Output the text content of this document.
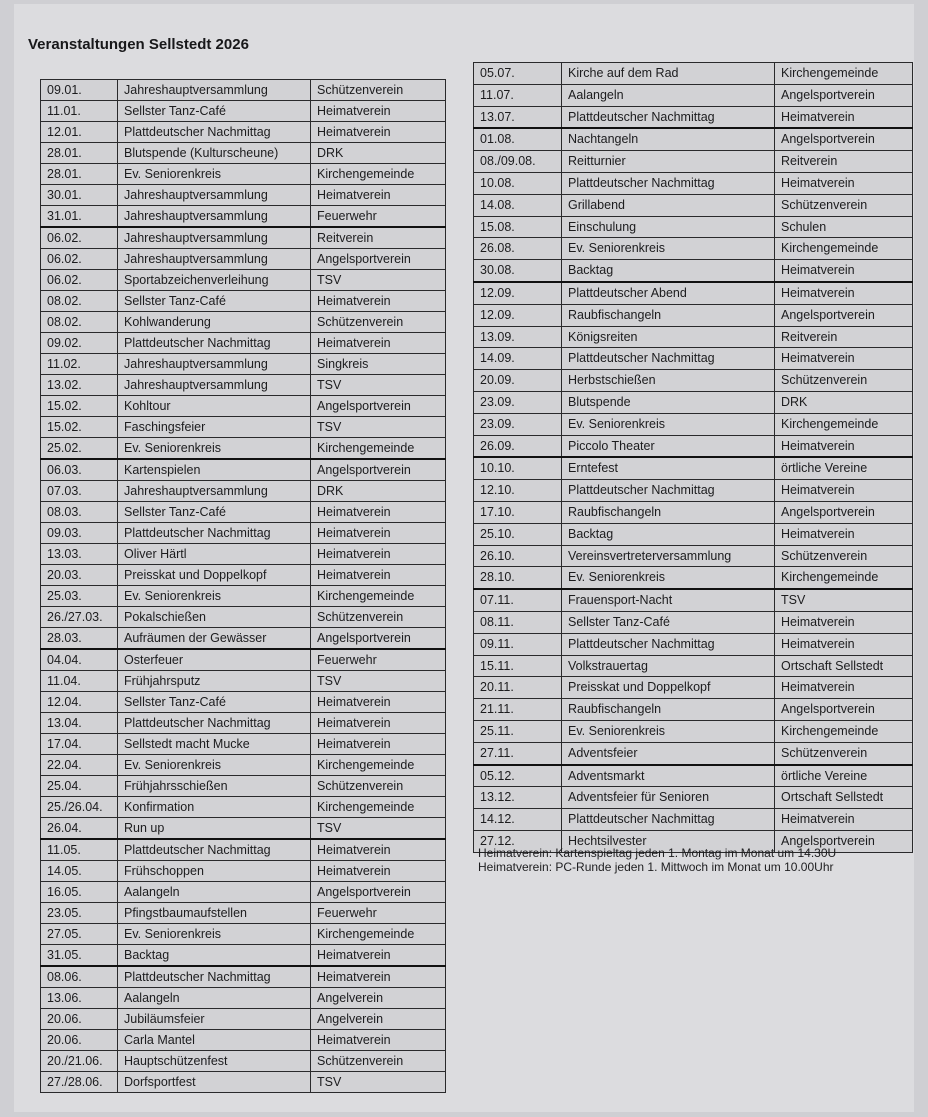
Veranstaltungen Sellstedt 2026
09.01.	Jahreshauptversammlung	Schützenverein
11.01.	Sellster Tanz-Café	Heimatverein
12.01.	Plattdeutscher Nachmittag	Heimatverein
28.01.	Blutspende (Kulturscheune)	DRK
28.01.	Ev. Seniorenkreis	Kirchengemeinde
30.01.	Jahreshauptversammlung	Heimatverein
31.01.	Jahreshauptversammlung	Feuerwehr
06.02.	Jahreshauptversammlung	Reitverein
06.02.	Jahreshauptversammlung	Angelsportverein
06.02.	Sportabzeichenverleihung	TSV
08.02.	Sellster Tanz-Café	Heimatverein
08.02.	Kohlwanderung	Schützenverein
09.02.	Plattdeutscher Nachmittag	Heimatverein
11.02.	Jahreshauptversammlung	Singkreis
13.02.	Jahreshauptversammlung	TSV
15.02.	Kohltour	Angelsportverein
15.02.	Faschingsfeier	TSV
25.02.	Ev. Seniorenkreis	Kirchengemeinde
06.03.	Kartenspielen	Angelsportverein
07.03.	Jahreshauptversammlung	DRK
08.03.	Sellster Tanz-Café	Heimatverein
09.03.	Plattdeutscher Nachmittag	Heimatverein
13.03.	Oliver Härtl	Heimatverein
20.03.	Preisskat und Doppelkopf	Heimatverein
25.03.	Ev. Seniorenkreis	Kirchengemeinde
26./27.03.	Pokalschießen	Schützenverein
28.03.	Aufräumen der Gewässer	Angelsportverein
04.04.	Osterfeuer	Feuerwehr
11.04.	Frühjahrsputz	TSV
12.04.	Sellster Tanz-Café	Heimatverein
13.04.	Plattdeutscher Nachmittag	Heimatverein
17.04.	Sellstedt macht Mucke	Heimatverein
22.04.	Ev. Seniorenkreis	Kirchengemeinde
25.04.	Frühjahrsschießen	Schützenverein
25./26.04.	Konfirmation	Kirchengemeinde
26.04.	Run up	TSV
11.05.	Plattdeutscher Nachmittag	Heimatverein
14.05.	Frühschoppen	Heimatverein
16.05.	Aalangeln	Angelsportverein
23.05.	Pfingstbaumaufstellen	Feuerwehr
27.05.	Ev. Seniorenkreis	Kirchengemeinde
31.05.	Backtag	Heimatverein
08.06.	Plattdeutscher Nachmittag	Heimatverein
13.06.	Aalangeln	Angelverein
20.06.	Jubiläumsfeier	Angelverein
20.06.	Carla Mantel	Heimatverein
20./21.06.	Hauptschützenfest	Schützenverein
27./28.06.	Dorfsportfest	TSV
05.07.	Kirche auf dem Rad	Kirchengemeinde
11.07.	Aalangeln	Angelsportverein
13.07.	Plattdeutscher Nachmittag	Heimatverein
01.08.	Nachtangeln	Angelsportverein
08./09.08.	Reitturnier	Reitverein
10.08.	Plattdeutscher Nachmittag	Heimatverein
14.08.	Grillabend	Schützenverein
15.08.	Einschulung	Schulen
26.08.	Ev. Seniorenkreis	Kirchengemeinde
30.08.	Backtag	Heimatverein
12.09.	Plattdeutscher Abend	Heimatverein
12.09.	Raubfischangeln	Angelsportverein
13.09.	Königsreiten	Reitverein
14.09.	Plattdeutscher Nachmittag	Heimatverein
20.09.	Herbstschießen	Schützenverein
23.09.	Blutspende	DRK
23.09.	Ev. Seniorenkreis	Kirchengemeinde
26.09.	Piccolo Theater	Heimatverein
10.10.	Erntefest	örtliche Vereine
12.10.	Plattdeutscher Nachmittag	Heimatverein
17.10.	Raubfischangeln	Angelsportverein
25.10.	Backtag	Heimatverein
26.10.	Vereinsvertreterversammlung	Schützenverein
28.10.	Ev. Seniorenkreis	Kirchengemeinde
07.11.	Frauensport-Nacht	TSV
08.11.	Sellster Tanz-Café	Heimatverein
09.11.	Plattdeutscher Nachmittag	Heimatverein
15.11.	Volkstrauertag	Ortschaft Sellstedt
20.11.	Preisskat und Doppelkopf	Heimatverein
21.11.	Raubfischangeln	Angelsportverein
25.11.	Ev. Seniorenkreis	Kirchengemeinde
27.11.	Adventsfeier	Schützenverein
05.12.	Adventsmarkt	örtliche Vereine
13.12.	Adventsfeier für Senioren	Ortschaft Sellstedt
14.12.	Plattdeutscher Nachmittag	Heimatverein
27.12.	Hechtsilvester	Angelsportverein
Heimatverein: Kartenspieltag jeden 1. Montag im Monat um 14.30U
Heimatverein: PC-Runde jeden 1. Mittwoch im Monat um 10.00Uhr
